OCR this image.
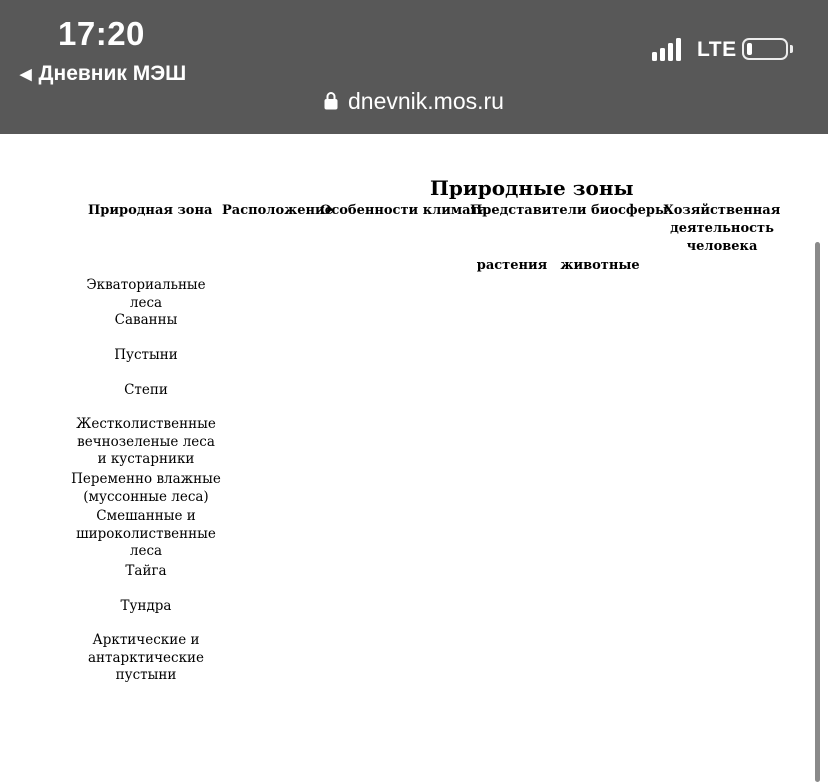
17:20
◀ Дневник МЭШ
LTE
dnevnik.mos.ru
Природные зоны
Природная зона Расположение
Особенности климата
Представители биосферы
Хозяйственная деятельность человека
растения животные
Экваториальные леса
Саванны
Пустыни
Степи
Жестколиственные вечнозеленые леса и кустарники
Переменно влажные (муссонные леса)
Смешанные и широколиственные леса
Тайга
Тундра
Арктические и антарктические пустыни
